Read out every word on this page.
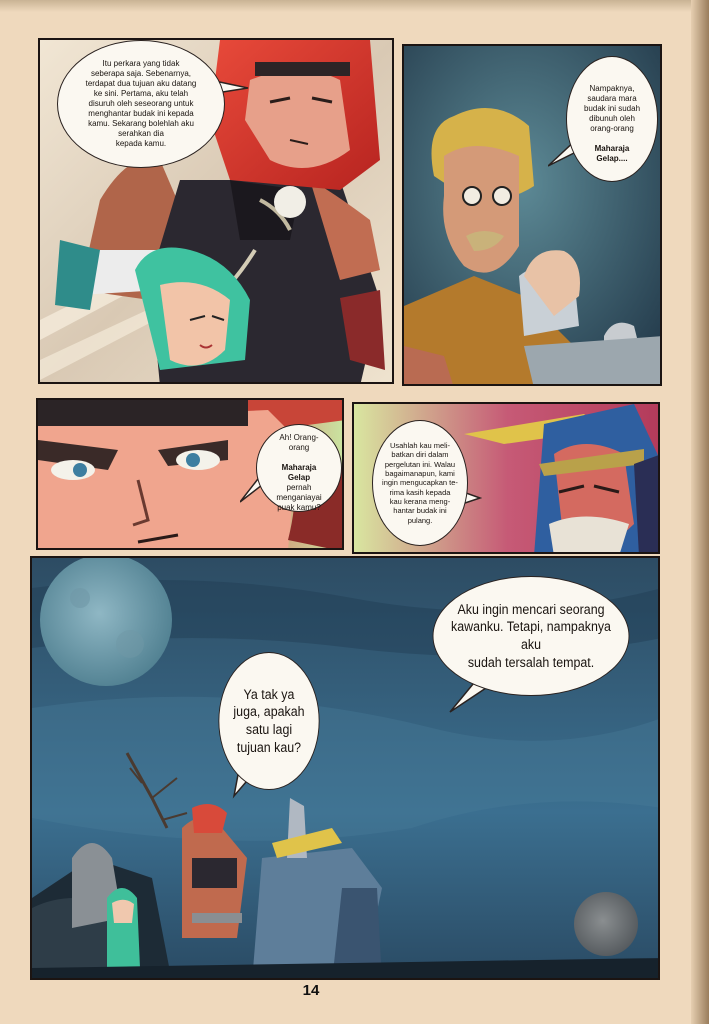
Itu perkara yang tidak
seberapa saja. Sebenarnya,
terdapat dua tujuan aku datang
ke sini. Pertama, aku telah
disuruh oleh seseorang untuk
menghantar budak ini kepada
kamu. Sekarang bolehlah aku
serahkan dia
kepada kamu.

Nampaknya,
saudara mara
budak ini sudah
dibunuh oleh
orang-orang

Maharaja
Gelap....

Ah! Orang-
orang

Maharaja
Gelap
pernah
menganiayai
puak kamu?

Usahlah kau meli-
batkan diri dalam
pergelutan ini. Walau
bagaimanapun, kami
ingin mengucapkan te-
rima kasih kepada
kau kerana meng-
hantar budak ini
pulang.
Aku ingin mencari seorang
kawanku. Tetapi, nampaknya aku
sudah tersalah tempat.
Ya tak ya
juga, apakah
satu lagi
tujuan kau?
14
